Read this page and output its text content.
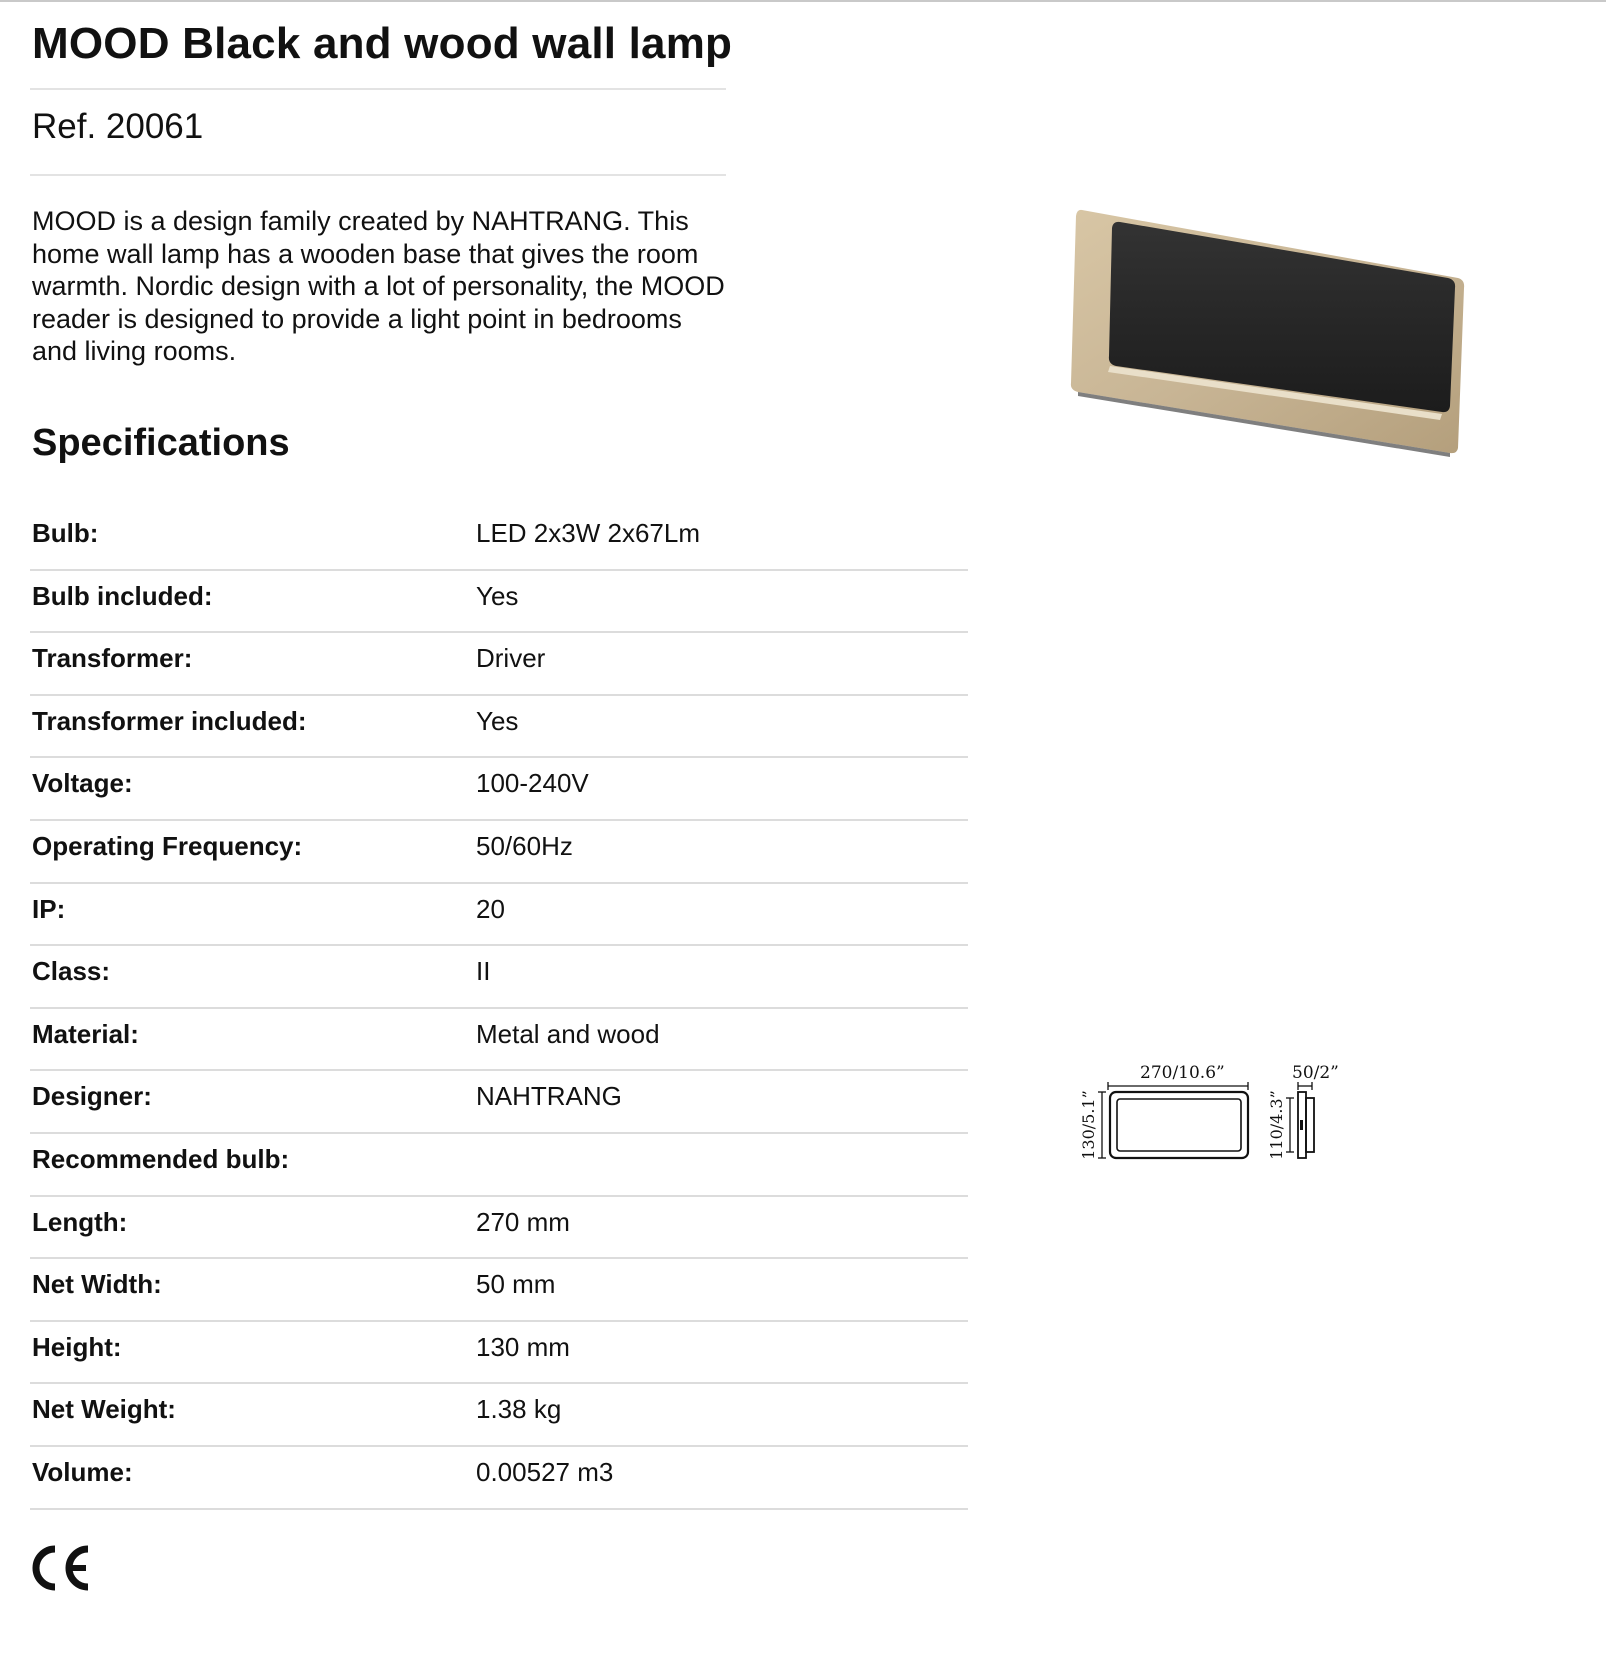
MOOD Black and wood wall lamp
Ref. 20061

MOOD is a design family created by NAHTRANG. This home wall lamp has a wooden base that gives the room warmth. Nordic design with a lot of personality, the MOOD reader is designed to provide a light point in bedrooms and living rooms.

Specifications
Bulb:	LED 2x3W 2x67Lm
Bulb included:	Yes
Transformer:	Driver
Transformer included:	Yes
Voltage:	100-240V
Operating Frequency:	50/60Hz
IP:	20
Class:	II
Material:	Metal and wood
Designer:	NAHTRANG
Recommended bulb:
Length:	270 mm
Net Width:	50 mm
Height:	130 mm
Net Weight:	1.38 kg
Volume:	0.00527 m3
270/10.6”	50/2”
130/5.1”	110/4.3”
